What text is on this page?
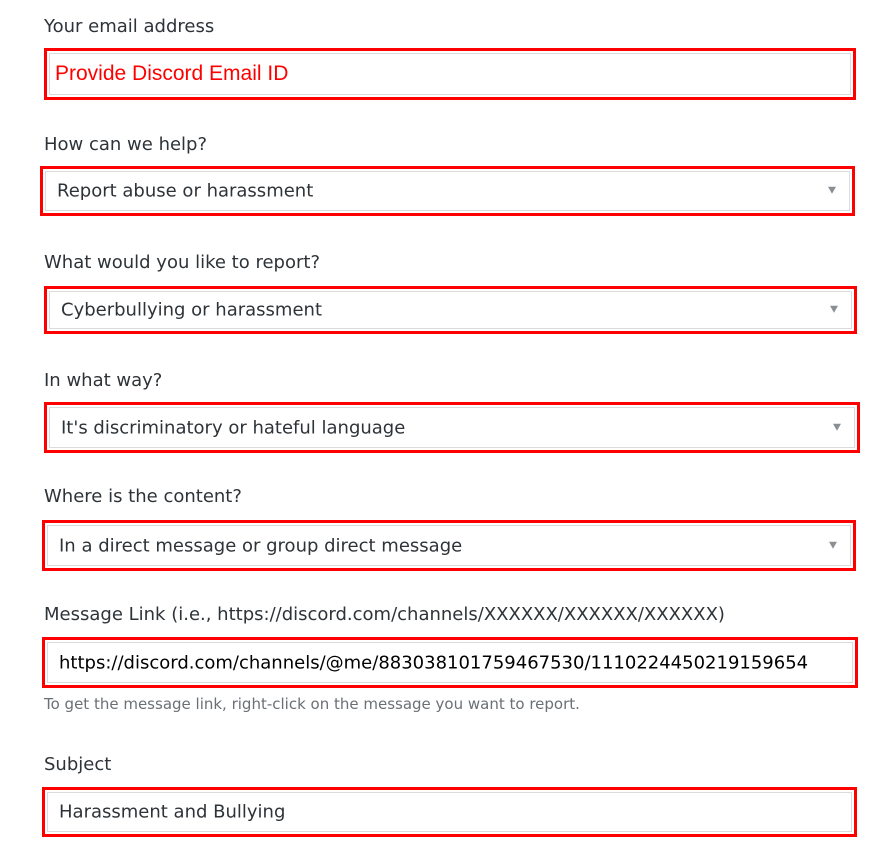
Your email address
Provide Discord Email ID
How can we help?
Report abuse or harassment
What would you like to report?
Cyberbullying or harassment
In what way?
It's discriminatory or hateful language
Where is the content?
In a direct message or group direct message
Message Link (i.e., https://discord.com/channels/XXXXXX/XXXXXX/XXXXXX)
https://discord.com/channels/@me/883038101759467530/1110224450219159654
To get the message link, right-click on the message you want to report.
Subject
Harassment and Bullying
